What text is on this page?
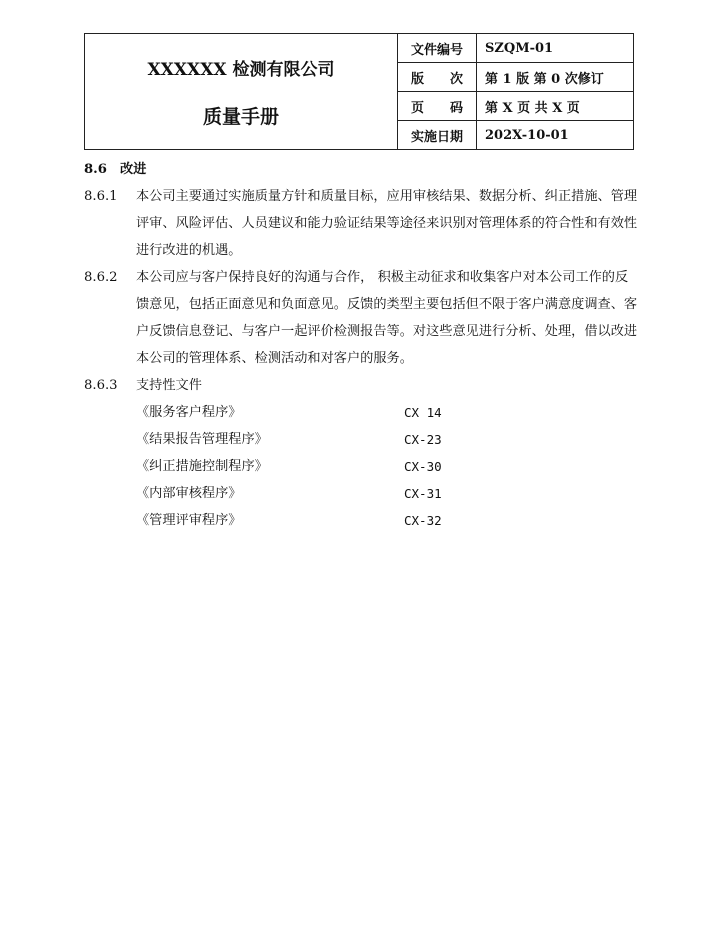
XXXXXX 检测有限公司
质量手册	文件编号	SZQM-01
	版　　次	第 1 版 第 0 次修订
	页　　码	第 X 页 共 X 页
	实施日期	202X-10-01
8.6 改进
8.6.1	本公司主要通过实施质量方针和质量目标，应用审核结果、数据分析、纠正措施、管理评审、风险评估、人员建议和能力验证结果等途径来识别对管理体系的符合性和有效性进行改进的机遇。
8.6.2	本公司应与客户保持良好的沟通与合作， 积极主动征求和收集客户对本公司工作的反馈意见，包括正面意见和负面意见。反馈的类型主要包括但不限于客户满意度调查、客户反馈信息登记、与客户一起评价检测报告等。对这些意见进行分析、处理，借以改进本公司的管理体系、检测活动和对客户的服务。
8.6.3	支持性文件
《服务客户程序》	CX 14
《结果报告管理程序》	CX-23
《纠正措施控制程序》	CX-30
《内部审核程序》	CX-31
《管理评审程序》	CX-32
